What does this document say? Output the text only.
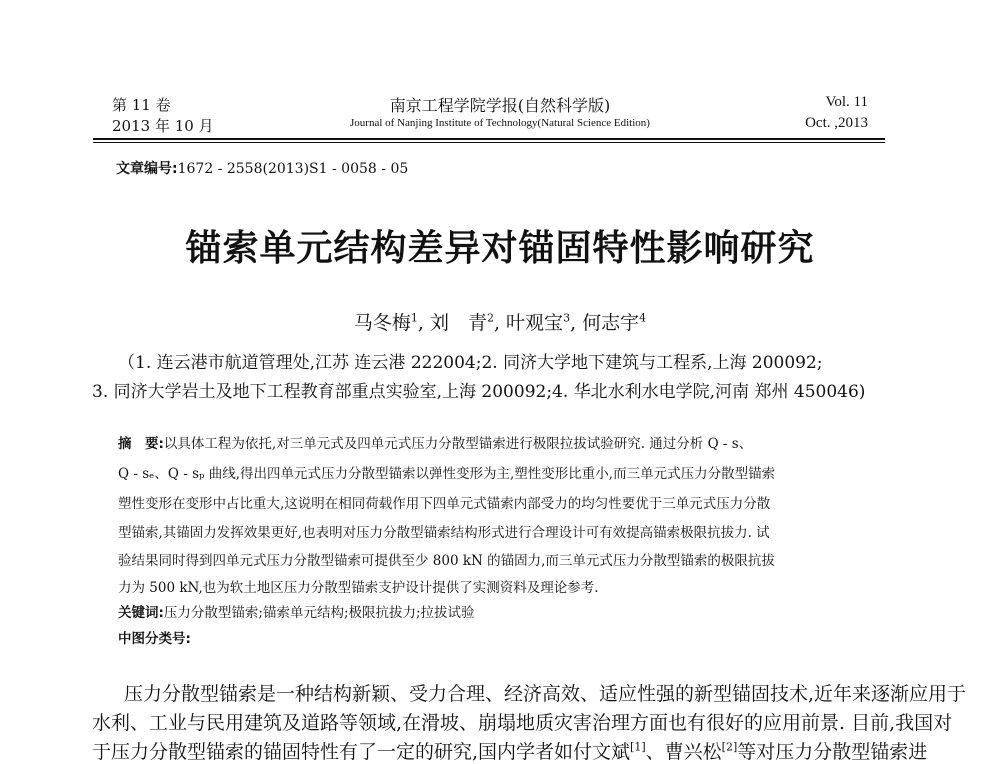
第 11 卷
2013 年 10 月
南京工程学院学报(自然科学版)
Journal of Nanjing Institute of Technology(Natural Science Edition)
Vol. 11
Oct. ,2013
文章编号:1672 - 2558(2013)S1 - 0058 - 05
锚索单元结构差异对锚固特性影响研究
马冬梅$^1$, 刘　青$^2$, 叶观宝$^3$, 何志宇$^4$
（1. 连云港市航道管理处,江苏 连云港 222004;2. 同济大学地下建筑与工程系,上海 200092;
3. 同济大学岩土及地下工程教育部重点实验室,上海 200092;4. 华北水利水电学院,河南 郑州 450046)
摘　要:以具体工程为依托,对三单元式及四单元式压力分散型锚索进行极限拉拔试验研究. 通过分析 Q - s、
Q - sₑ、Q - sₚ 曲线,得出四单元式压力分散型锚索以弹性变形为主,塑性变形比重小,而三单元式压力分散型锚索
塑性变形在变形中占比重大,这说明在相同荷载作用下四单元式锚索内部受力的均匀性要优于三单元式压力分散
型锚索,其锚固力发挥效果更好,也表明对压力分散型锚索结构形式进行合理设计可有效提高锚索极限抗拔力. 试
验结果同时得到四单元式压力分散型锚索可提供至少 800 kN 的锚固力,而三单元式压力分散型锚索的极限抗拔
力为 500 kN,也为软土地区压力分散型锚索支护设计提供了实测资料及理论参考.
关键词:压力分散型锚索;锚索单元结构;极限抗拔力;拉拔试验
中图分类号:
压力分散型锚索是一种结构新颖、受力合理、经济高效、适应性强的新型锚固技术,近年来逐渐应用于
水利、工业与民用建筑及道路等领域,在滑坡、崩塌地质灾害治理方面也有很好的应用前景. 目前,我国对
于压力分散型锚索的锚固特性有了一定的研究,国内学者如付文斌[1]、曹兴松[2]等对压力分散型锚索进
